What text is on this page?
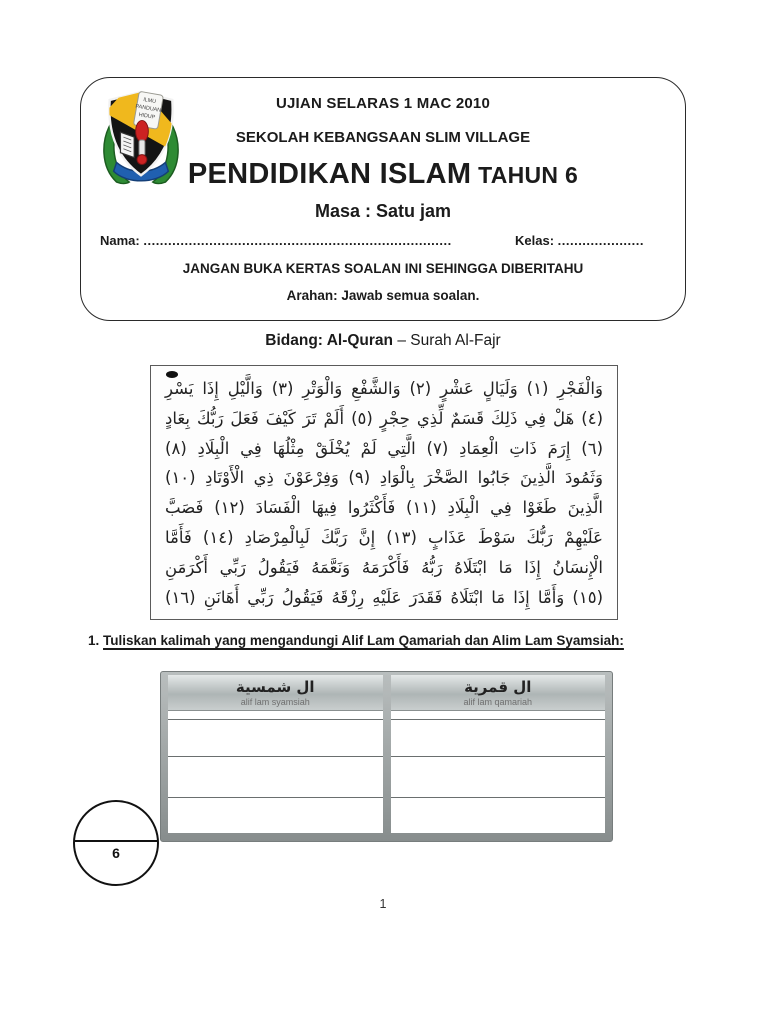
ILMU
PANDUAN
HIDUP
UJIAN SELARAS 1 MAC 2010
SEKOLAH KEBANGSAAN SLIM VILLAGE
PENDIDIKAN ISLAM TAHUN 6
Masa : Satu jam
Nama: ...........................................................................	Kelas: .....................
JANGAN BUKA KERTAS SOALAN INI SEHINGGA DIBERITAHU
Arahan: Jawab semua soalan.
Bidang: Al-Quran – Surah Al-Fajr
وَالْفَجْرِ (١) وَلَيَالٍ عَشْرٍ (٢) وَالشَّفْعِ وَالْوَتْرِ (٣) وَالَّيْلِ إِذَا يَسْرِ
(٤) هَلْ فِي ذَلِكَ قَسَمٌ لِّذِي حِجْرٍ (٥) أَلَمْ تَرَ كَيْفَ فَعَلَ رَبُّكَ بِعَادٍ
(٦) إِرَمَ ذَاتِ الْعِمَادِ (٧) الَّتِي لَمْ يُخْلَقْ مِثْلُهَا فِي الْبِلَادِ (٨)
وَثَمُودَ الَّذِينَ جَابُوا الصَّخْرَ بِالْوَادِ (٩) وَفِرْعَوْنَ ذِي الْأَوْتَادِ (١٠)
الَّذِينَ طَغَوْا فِي الْبِلَادِ (١١) فَأَكْثَرُوا فِيهَا الْفَسَادَ (١٢) فَصَبَّ
عَلَيْهِمْ رَبُّكَ سَوْطَ عَذَابٍ (١٣) إِنَّ رَبَّكَ لَبِالْمِرْصَادِ (١٤) فَأَمَّا
الْإِنسَانُ إِذَا مَا ابْتَلَاهُ رَبُّهُ فَأَكْرَمَهُ وَنَعَّمَهُ فَيَقُولُ رَبِّي أَكْرَمَنِ
(١٥) وَأَمَّا إِذَا مَا ابْتَلَاهُ فَقَدَرَ عَلَيْهِ رِزْقَهُ فَيَقُولُ رَبِّي أَهَانَنِ (١٦)
1. Tuliskan kalimah yang mengandungi Alif Lam Qamariah dan Alim Lam Syamsiah:
ال شمسية
alif lam syamsiah
ال قمرية
alif lam qamariah
6
1
